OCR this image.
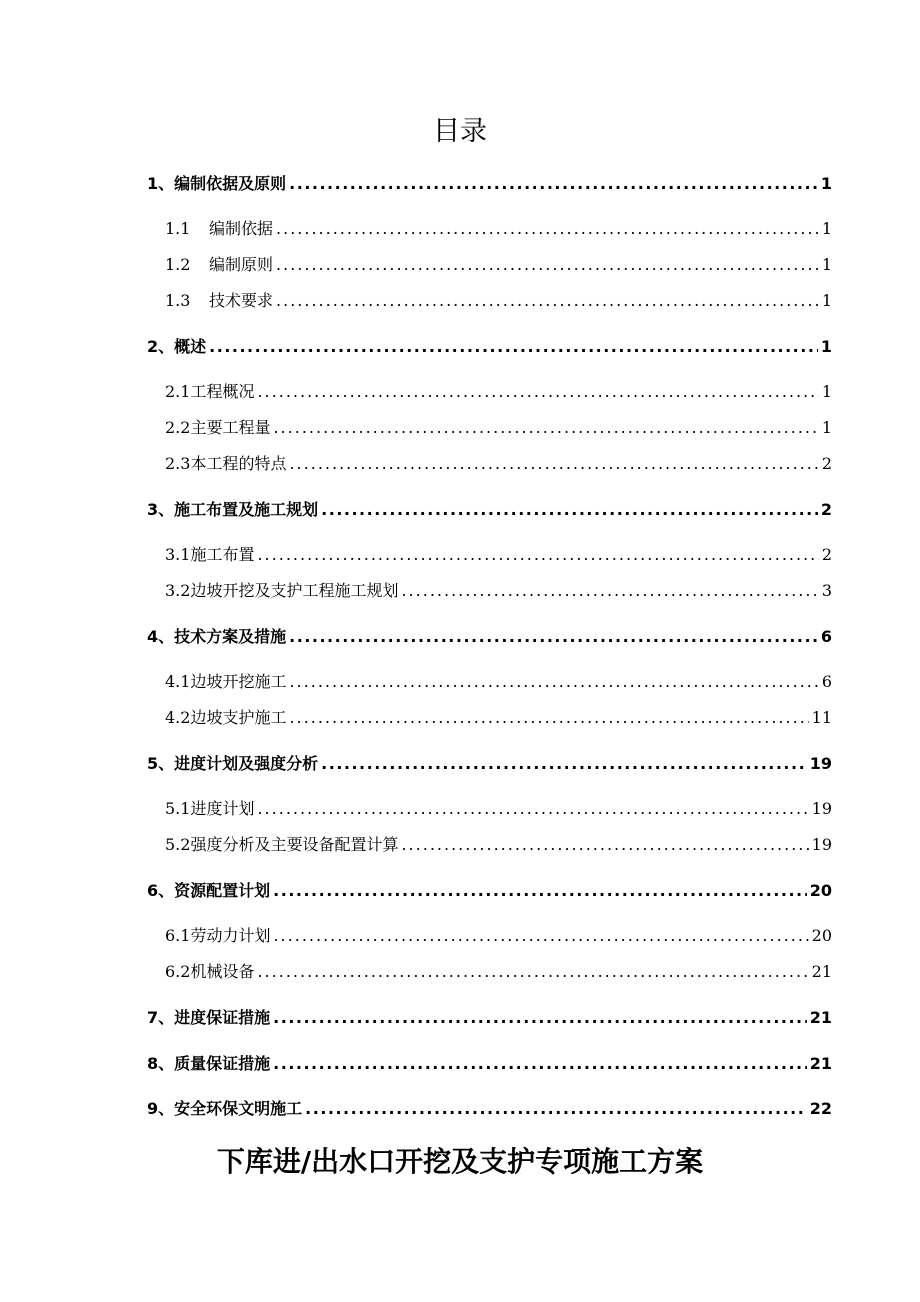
目录
1、编制依据及原则 .....	1
1.1 编制依据 .....	1
1.2 编制原则 .....	1
1.3 技术要求 .....	1
2、概述 .....	1
2.1工程概况 .....	1
2.2主要工程量 .....	1
2.3本工程的特点 .....	2
3、施工布置及施工规划 .....	2
3.1施工布置 .....	2
3.2边坡开挖及支护工程施工规划 .....	3
4、技术方案及措施 .....	6
4.1边坡开挖施工 .....	6
4.2边坡支护施工 .....	11
5、进度计划及强度分析 .....	19
5.1进度计划 .....	19
5.2强度分析及主要设备配置计算 .....	19
6、资源配置计划 .....	20
6.1劳动力计划 .....	20
6.2机械设备 .....	21
7、进度保证措施 .....	21
8、质量保证措施 .....	21
9、安全环保文明施工 .....	22
下库进/出水口开挖及支护专项施工方案
